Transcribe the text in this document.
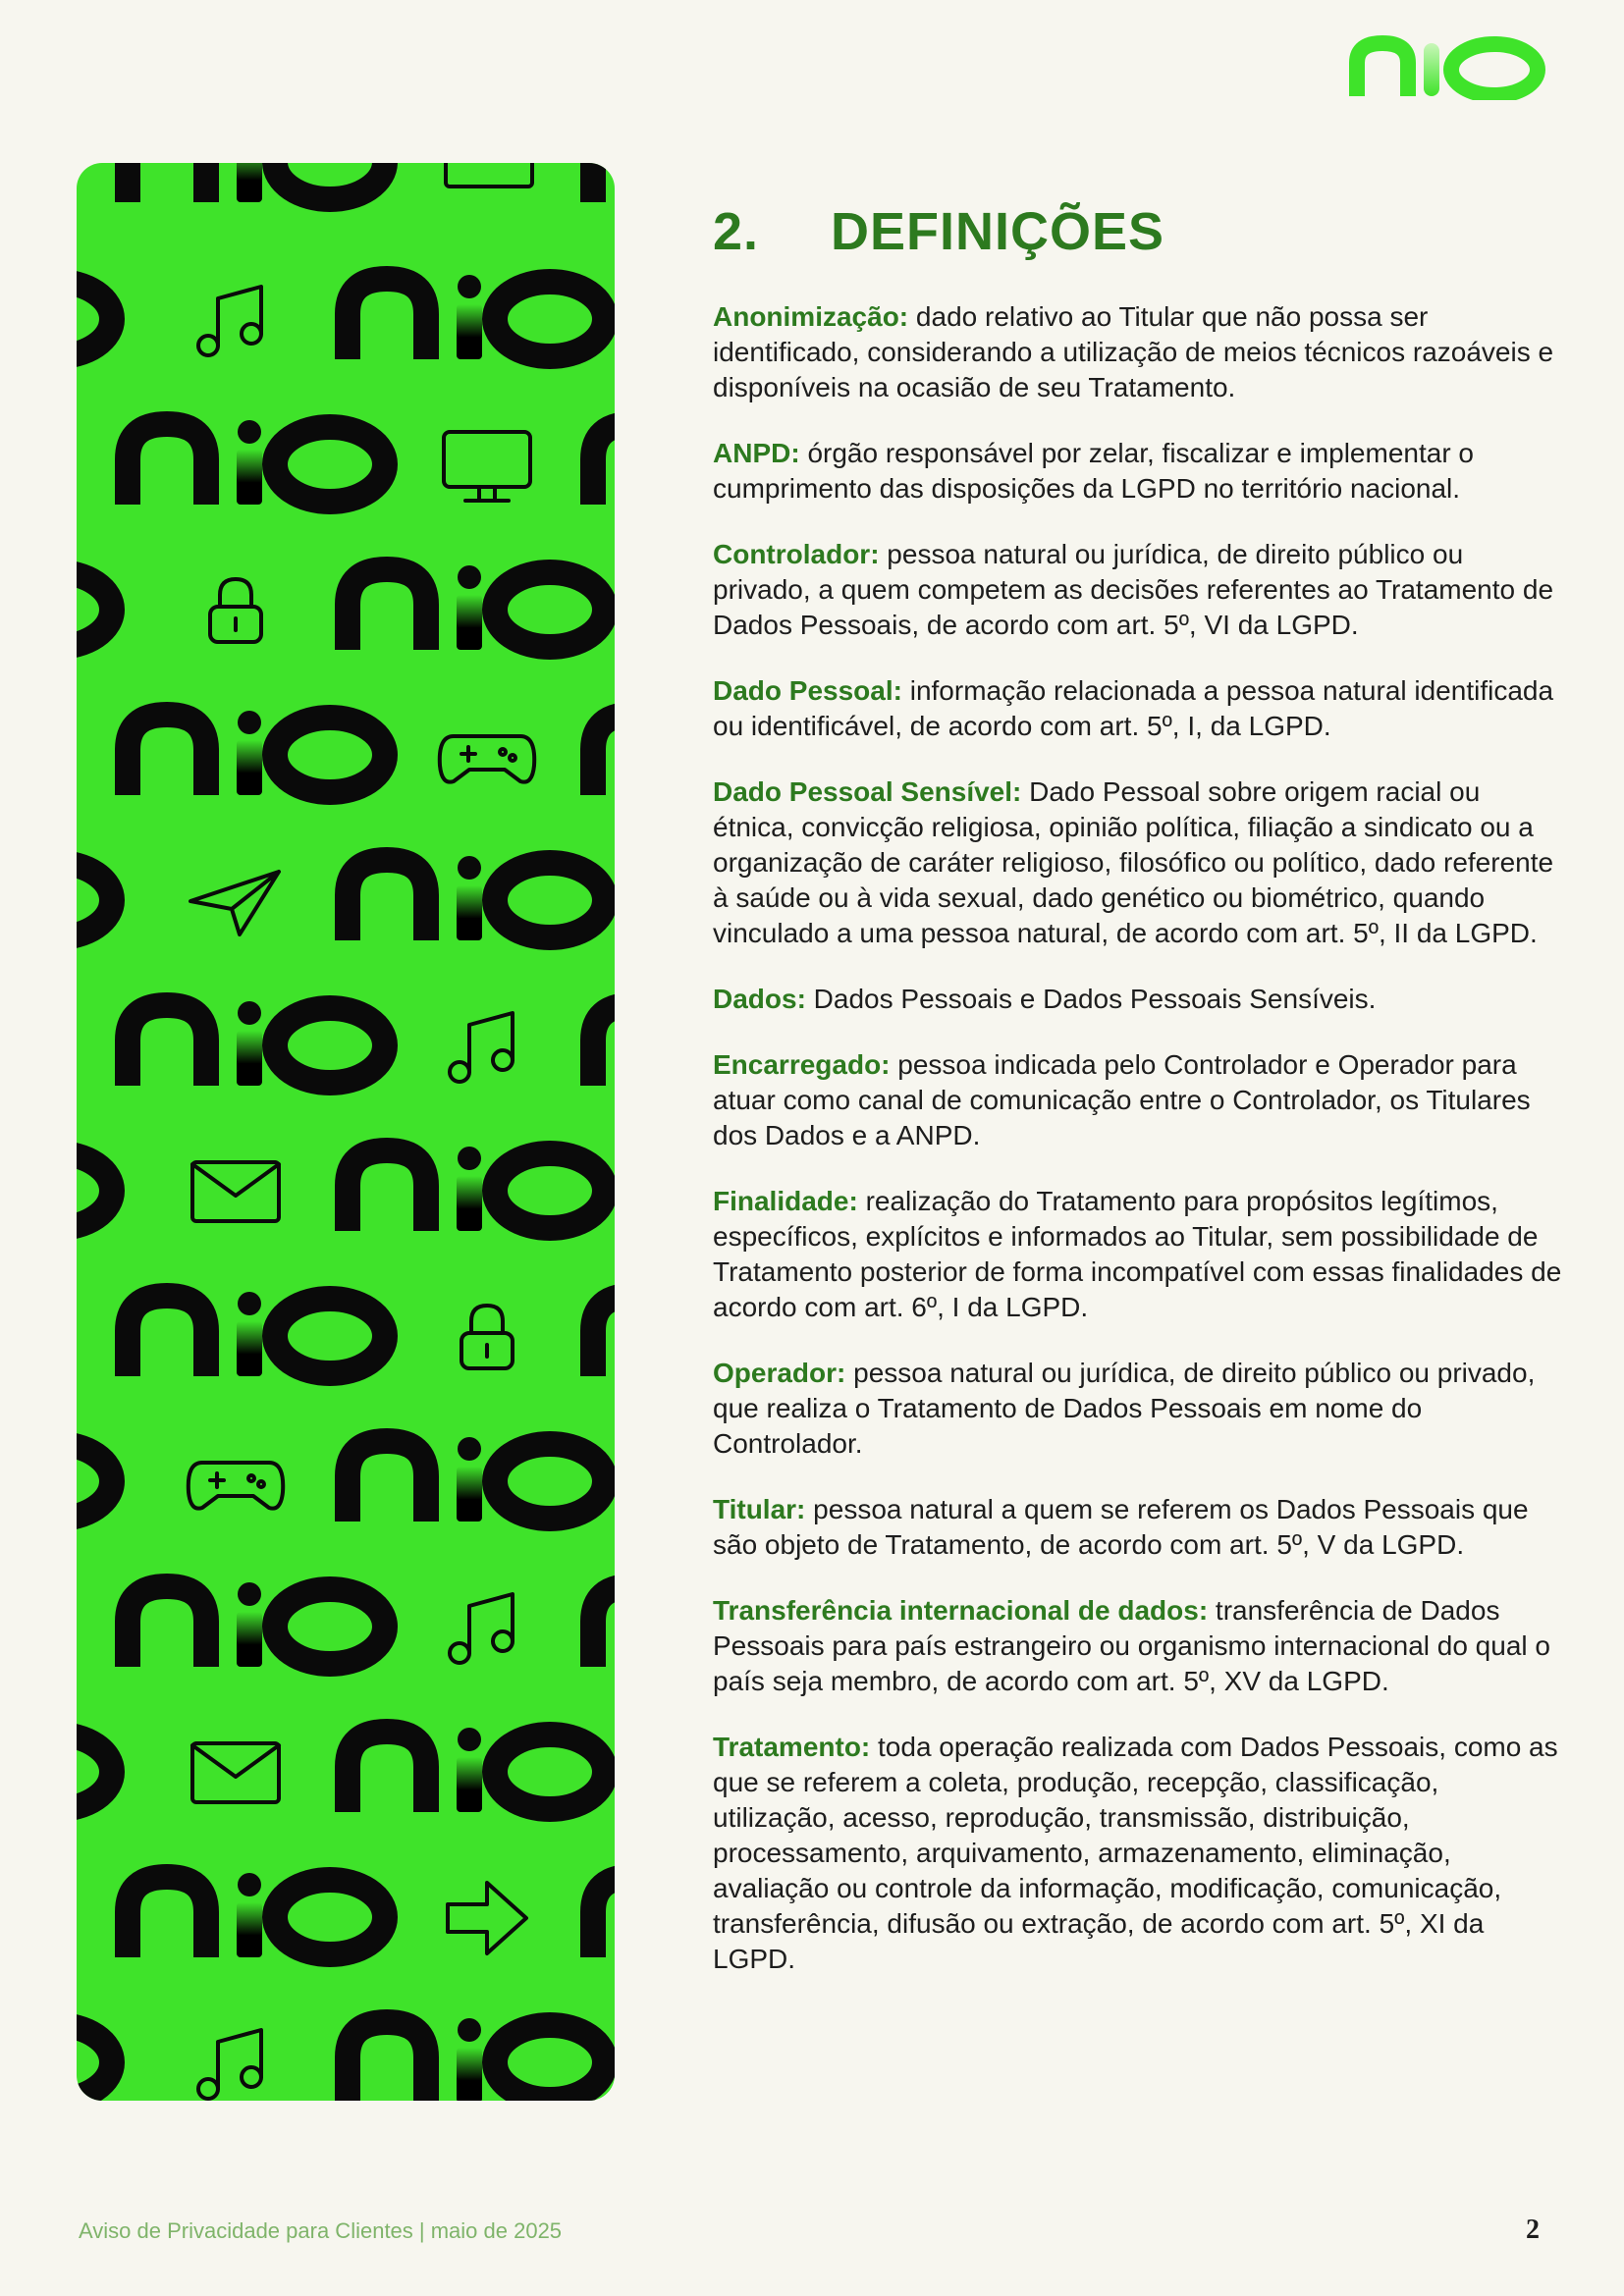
2. DEFINIÇÕES

Anonimização: dado relativo ao Titular que não possa ser identificado, considerando a utilização de meios técnicos razoáveis e disponíveis na ocasião de seu Tratamento.

ANPD: órgão responsável por zelar, fiscalizar e implementar o cumprimento das disposições da LGPD no território nacional.

Controlador: pessoa natural ou jurídica, de direito público ou privado, a quem competem as decisões referentes ao Tratamento de Dados Pessoais, de acordo com art. 5º, VI da LGPD.

Dado Pessoal: informação relacionada a pessoa natural identificada ou identificável, de acordo com art. 5º, I, da LGPD.

Dado Pessoal Sensível: Dado Pessoal sobre origem racial ou étnica, convicção religiosa, opinião política, filiação a sindicato ou a organização de caráter religioso, filosófico ou político, dado referente à saúde ou à vida sexual, dado genético ou biométrico, quando vinculado a uma pessoa natural, de acordo com art. 5º, II da LGPD.

Dados: Dados Pessoais e Dados Pessoais Sensíveis.

Encarregado: pessoa indicada pelo Controlador e Operador para atuar como canal de comunicação entre o Controlador, os Titulares dos Dados e a ANPD.

Finalidade: realização do Tratamento para propósitos legítimos, específicos, explícitos e informados ao Titular, sem possibilidade de Tratamento posterior de forma incompatível com essas finalidades de acordo com art. 6º, I da LGPD.

Operador: pessoa natural ou jurídica, de direito público ou privado, que realiza o Tratamento de Dados Pessoais em nome do Controlador.

Titular: pessoa natural a quem se referem os Dados Pessoais que são objeto de Tratamento, de acordo com art. 5º, V da LGPD.

Transferência internacional de dados: transferência de Dados Pessoais para país estrangeiro ou organismo internacional do qual o país seja membro, de acordo com art. 5º, XV da LGPD.

Tratamento: toda operação realizada com Dados Pessoais, como as que se referem a coleta, produção, recepção, classificação, utilização, acesso, reprodução, transmissão, distribuição, processamento, arquivamento, armazenamento, eliminação, avaliação ou controle da informação, modificação, comunicação, transferência, difusão ou extração, de acordo com art. 5º, XI da LGPD.

Aviso de Privacidade para Clientes | maio de 2025	2
